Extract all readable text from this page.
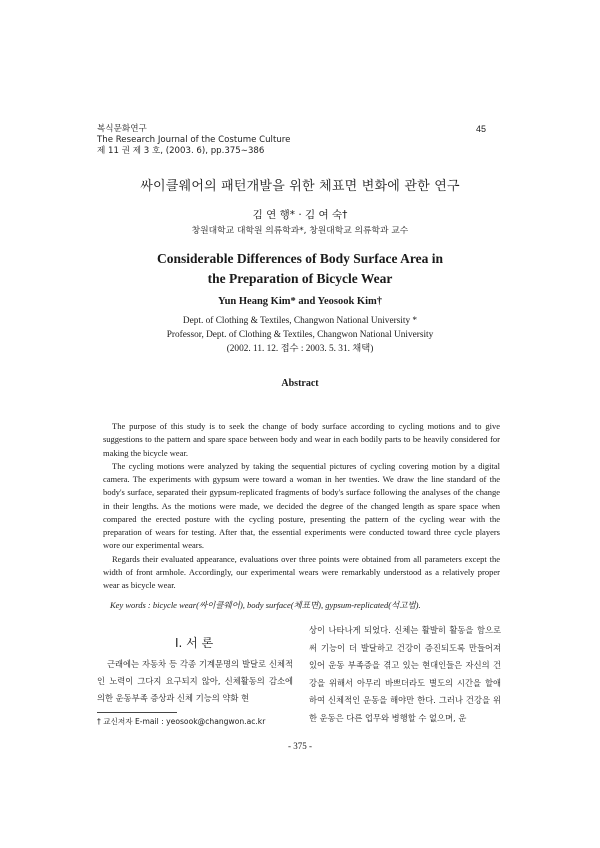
복식문화연구
The Research Journal of the Costume Culture
제 11 권 제 3 호, (2003. 6), pp.375∼386
45
싸이클웨어의 패턴개발을 위한 체표면 변화에 관한 연구
김 연 행* · 김 여 숙†
창원대학교 대학원 의류학과*, 창원대학교 의류학과 교수
Considerable Differences of Body Surface Area in
the Preparation of Bicycle Wear
Yun Heang Kim* and Yeosook Kim†
Dept. of Clothing & Textiles, Changwon National University *
Professor, Dept. of Clothing & Textiles, Changwon National University
(2002. 11. 12. 접수 : 2003. 5. 31. 채택)
Abstract

The purpose of this study is to seek the change of body surface according to cycling motions and to give suggestions to the pattern and spare space between body and wear in each bodily parts to be heavily considered for making the bicycle wear.

The cycling motions were analyzed by taking the sequential pictures of cycling covering motion by a digital camera. The experiments with gypsum were toward a woman in her twenties. We draw the line standard of the body's surface, separated their gypsum-replicated fragments of body's surface following the analyses of the change in their lengths. As the motions were made, we decided the degree of the changed length as spare space when compared the erected posture with the cycling posture, presenting the pattern of the cycling wear with the preparation of wears for testing. After that, the essential experiments were conducted toward three cycle players wore our experimental wears.

Regards their evaluated appearance, evaluations over three points were obtained from all parameters except the width of front armhole. Accordingly, our experimental wears were remarkably understood as a relatively proper wear as bicycle wear.

Key words : bicycle wear(싸이클웨어), body surface(체표면), gypsum-replicated(석고법).
Ⅰ. 서 론

근래에는 자동차 등 각종 기계문명의 발달로 신체적인 노력이 그다지 요구되지 않아, 신체활동의 감소에 의한 운동부족 증상과 신체 기능의 약화 현

상이 나타나게 되었다. 신체는 활발히 활동을 함으로써 기능이 더 발달하고 건강이 증진되도록 만들어져 있어 운동 부족증을 겪고 있는 현대인들은 자신의 건강을 위해서 아무리 바쁘더라도 별도의 시간을 할애하여 신체적인 운동을 해야만 한다. 그러나 건강을 위한 운동은 다른 업무와 병행할 수 없으며, 운

† 교신저자 E-mail : yeosook@changwon.ac.kr
- 375 -
